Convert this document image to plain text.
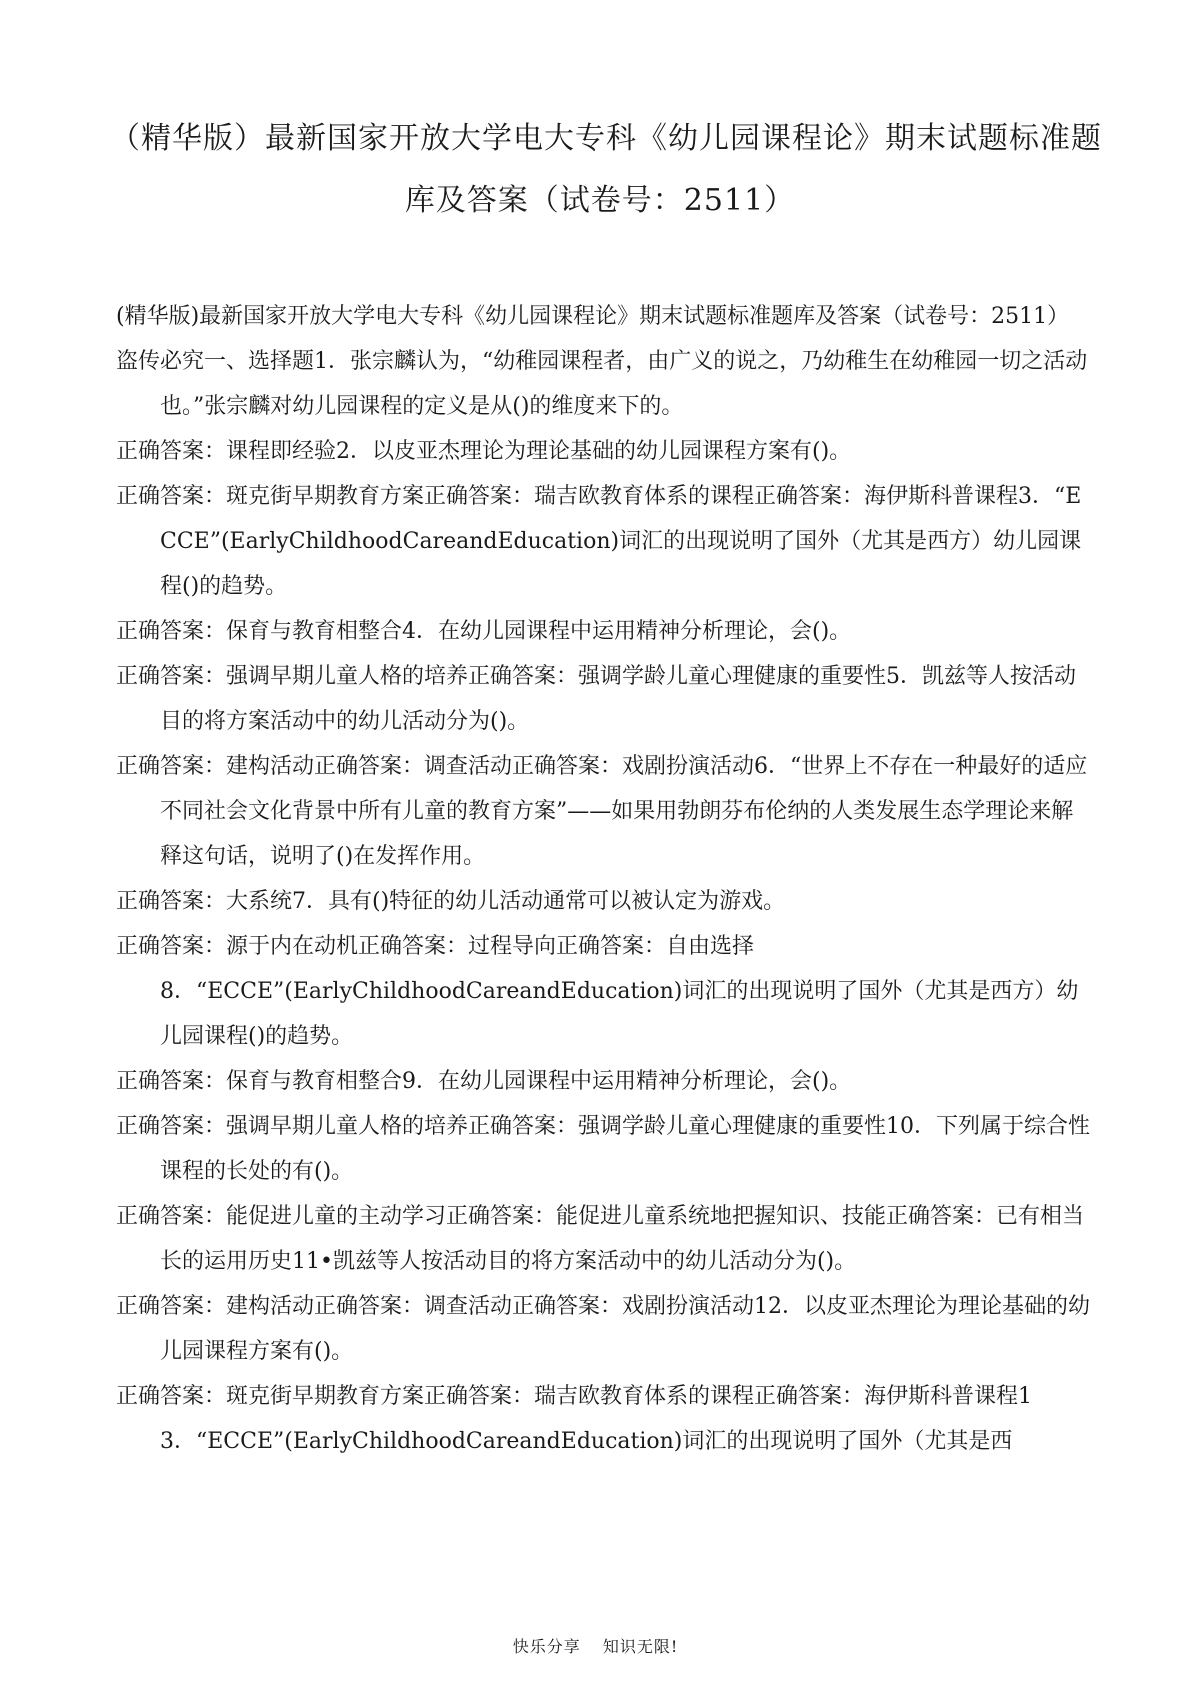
（精华版）最新国家开放大学电大专科《幼儿园课程论》期末试题标准题
库及答案（试卷号：2511）

(精华版)最新国家开放大学电大专科《幼儿园课程论》期末试题标准题库及答案（试卷号：2511）

盗传必究一、选择题1．张宗麟认为，“幼稚园课程者，由广义的说之，乃幼稚生在幼稚园一切之活动也。”张宗麟对幼儿园课程的定义是从()的维度来下的。

正确答案：课程即经验2．以皮亚杰理论为理论基础的幼儿园课程方案有()。

正确答案：斑克街早期教育方案正确答案：瑞吉欧教育体系的课程正确答案：海伊斯科普课程3．“ECCE”(EarlyChildhoodCareandEducation)词汇的出现说明了国外（尤其是西方）幼儿园课程()的趋势。

正确答案：保育与教育相整合4．在幼儿园课程中运用精神分析理论，会()。

正确答案：强调早期儿童人格的培养正确答案：强调学龄儿童心理健康的重要性5．凯兹等人按活动目的将方案活动中的幼儿活动分为()。

正确答案：建构活动正确答案：调查活动正确答案：戏剧扮演活动6．“世界上不存在一种最好的适应不同社会文化背景中所有儿童的教育方案”——如果用勃朗芬布伦纳的人类发展生态学理论来解释这句话，说明了()在发挥作用。

正确答案：大系统7．具有()特征的幼儿活动通常可以被认定为游戏。

正确答案：源于内在动机正确答案：过程导向正确答案：自由选择

8．“ECCE”(EarlyChildhoodCareandEducation)词汇的出现说明了国外（尤其是西方）幼儿园课程()的趋势。

正确答案：保育与教育相整合9．在幼儿园课程中运用精神分析理论，会()。

正确答案：强调早期儿童人格的培养正确答案：强调学龄儿童心理健康的重要性10．下列属于综合性课程的长处的有()。

正确答案：能促进儿童的主动学习正确答案：能促进儿童系统地把握知识、技能正确答案：已有相当长的运用历史11•凯兹等人按活动目的将方案活动中的幼儿活动分为()。

正确答案：建构活动正确答案：调查活动正确答案：戏剧扮演活动12．以皮亚杰理论为理论基础的幼儿园课程方案有()。

正确答案：斑克街早期教育方案正确答案：瑞吉欧教育体系的课程正确答案：海伊斯科普课程13．“ECCE”(EarlyChildhoodCareandEducation)词汇的出现说明了国外（尤其是西

快乐分享 知识无限!
